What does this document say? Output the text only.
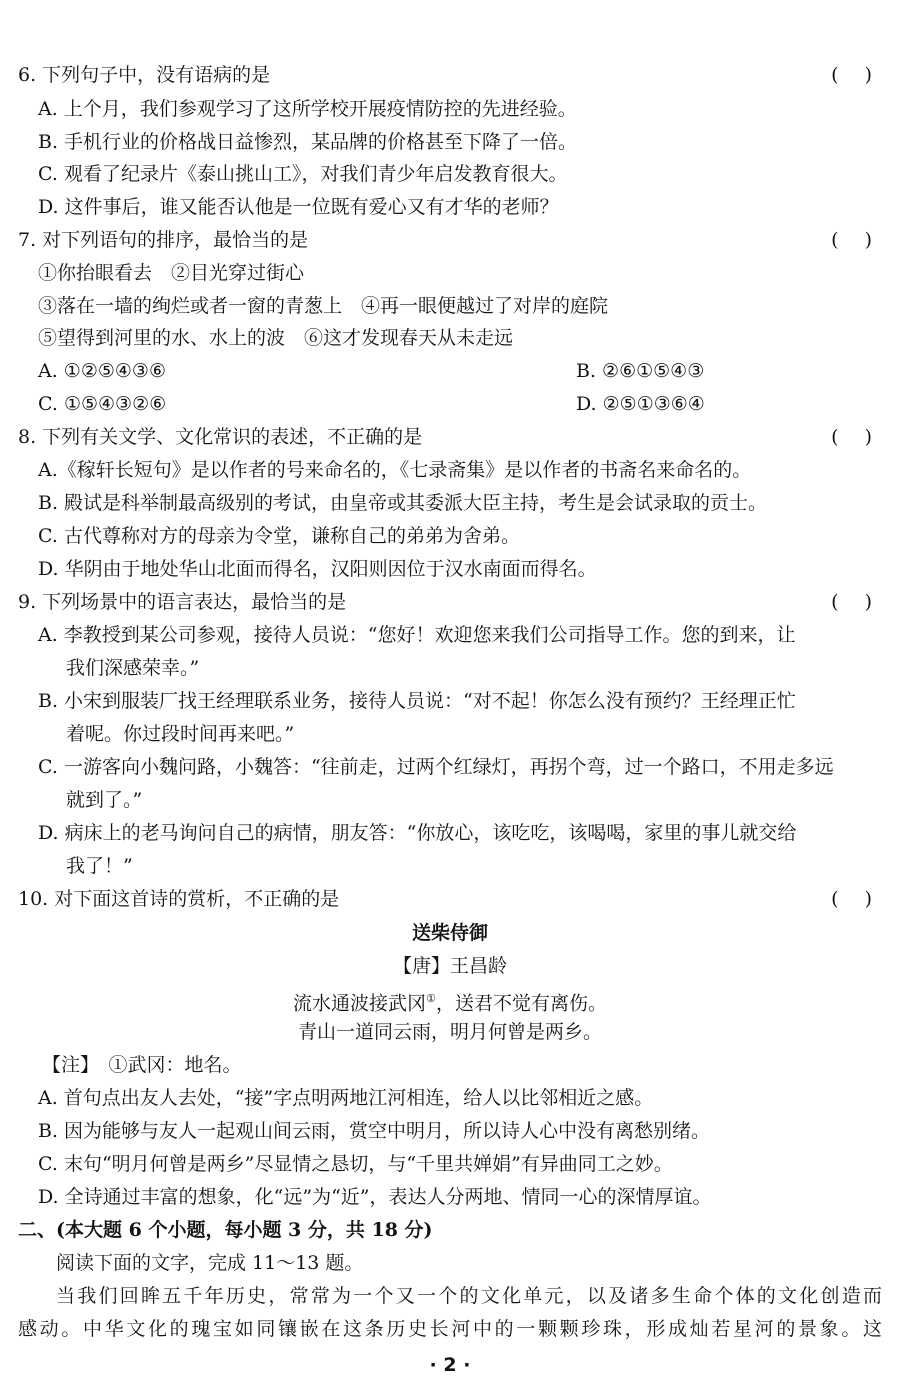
6. 下列句子中，没有语病的是	( )
A. 上个月，我们参观学习了这所学校开展疫情防控的先进经验。
B. 手机行业的价格战日益惨烈，某品牌的价格甚至下降了一倍。
C. 观看了纪录片《泰山挑山工》，对我们青少年启发教育很大。
D. 这件事后，谁又能否认他是一位既有爱心又有才华的老师？
7. 对下列语句的排序，最恰当的是	( )
①你抬眼看去　②目光穿过街心
③落在一墙的绚烂或者一窗的青葱上　④再一眼便越过了对岸的庭院
⑤望得到河里的水、水上的波　⑥这才发现春天从未走远
A. ①②⑤④③⑥	B. ②⑥①⑤④③
C. ①⑤④③②⑥	D. ②⑤①③⑥④
8. 下列有关文学、文化常识的表述，不正确的是	( )
A.《稼轩长短句》是以作者的号来命名的，《七录斋集》是以作者的书斋名来命名的。
B. 殿试是科举制最高级别的考试，由皇帝或其委派大臣主持，考生是会试录取的贡士。
C. 古代尊称对方的母亲为令堂，谦称自己的弟弟为舍弟。
D. 华阴由于地处华山北面而得名，汉阳则因位于汉水南面而得名。
9. 下列场景中的语言表达，最恰当的是	( )
A. 李教授到某公司参观，接待人员说：“您好！欢迎您来我们公司指导工作。您的到来，让
我们深感荣幸。”
B. 小宋到服装厂找王经理联系业务，接待人员说：“对不起！你怎么没有预约？王经理正忙
着呢。你过段时间再来吧。”
C. 一游客向小魏问路，小魏答：“往前走，过两个红绿灯，再拐个弯，过一个路口，不用走多远
就到了。”
D. 病床上的老马询问自己的病情，朋友答：“你放心，该吃吃，该喝喝，家里的事儿就交给
我了！”
10. 对下面这首诗的赏析，不正确的是	( )
送柴侍御
【唐】王昌龄
流水通波接武冈①，送君不觉有离伤。
青山一道同云雨，明月何曾是两乡。
【注】　①武冈：地名。
A. 首句点出友人去处，“接”字点明两地江河相连，给人以比邻相近之感。
B. 因为能够与友人一起观山间云雨，赏空中明月，所以诗人心中没有离愁别绪。
C. 末句“明月何曾是两乡”尽显情之恳切，与“千里共婵娟”有异曲同工之妙。
D. 全诗通过丰富的想象，化“远”为“近”，表达人分两地、情同一心的深情厚谊。
二、(本大题 6 个小题，每小题 3 分，共 18 分)
阅读下面的文字，完成 11～13 题。
当我们回眸五千年历史，常常为一个又一个的文化单元，以及诸多生命个体的文化创造而
感动。中华文化的瑰宝如同镶嵌在这条历史长河中的一颗颗珍珠，形成灿若星河的景象。这
· 2 ·
